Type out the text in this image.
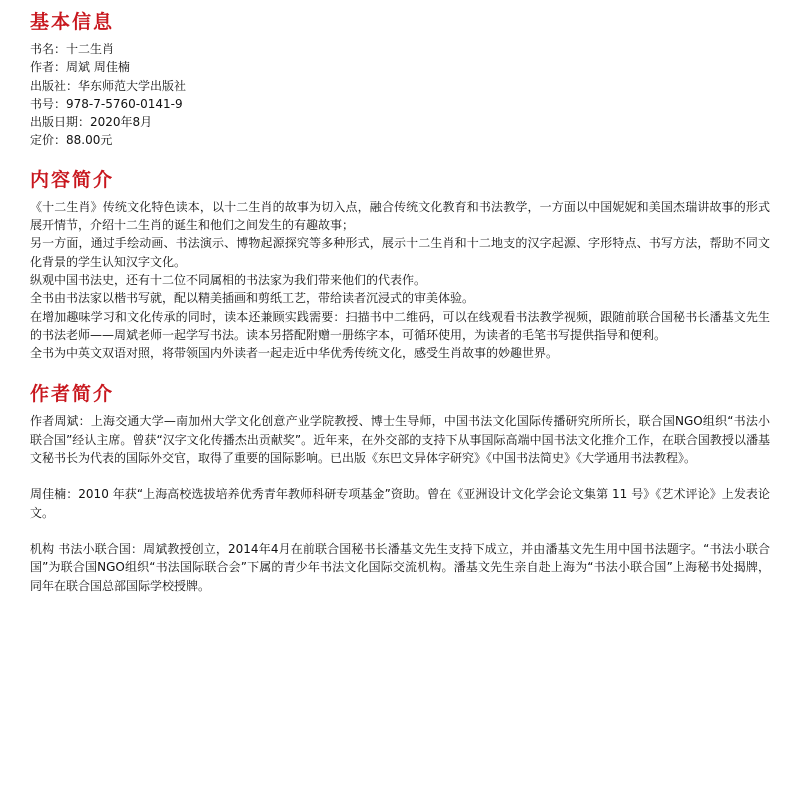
基本信息
书名：十二生肖
作者：周斌 周佳楠
出版社：华东师范大学出版社
书号：978-7-5760-0141-9
出版日期：2020年8月
定价：88.00元
内容简介

《十二生肖》传统文化特色读本，以十二生肖的故事为切入点，融合传统文化教育和书法教学，一方面以中国妮妮和美国杰瑞讲故事的形式展开情节，介绍十二生肖的诞生和他们之间发生的有趣故事；

另一方面，通过手绘动画、书法演示、博物起源探究等多种形式，展示十二生肖和十二地支的汉字起源、字形特点、书写方法，帮助不同文化背景的学生认知汉字文化。

纵观中国书法史，还有十二位不同属相的书法家为我们带来他们的代表作。

全书由书法家以楷书写就，配以精美插画和剪纸工艺，带给读者沉浸式的审美体验。

在增加趣味学习和文化传承的同时，读本还兼顾实践需要：扫描书中二维码，可以在线观看书法教学视频，跟随前联合国秘书长潘基文先生的书法老师——周斌老师一起学写书法。读本另搭配附赠一册练字本，可循环使用，为读者的毛笔书写提供指导和便利。

全书为中英文双语对照，将带领国内外读者一起走近中华优秀传统文化，感受生肖故事的妙趣世界。

作者简介

作者周斌：上海交通大学—南加州大学文化创意产业学院教授、博士生导师，中国书法文化国际传播研究所所长，联合国NGO组织“书法小联合国”经认主席。曾获“汉字文化传播杰出贡献奖”。近年来，在外交部的支持下从事国际高端中国书法文化推介工作，在联合国教授以潘基文秘书长为代表的国际外交官，取得了重要的国际影响。已出版《东巴文异体字研究》《中国书法简史》《大学通用书法教程》。

周佳楠：2010 年获“上海高校选拔培养优秀青年教师科研专项基金”资助。曾在《亚洲设计文化学会论文集第 11 号》《艺术评论》上发表论文。

机构 书法小联合国：周斌教授创立，2014年4月在前联合国秘书长潘基文先生支持下成立，并由潘基文先生用中国书法题字。“书法小联合国”为联合国NGO组织“书法国际联合会”下属的青少年书法文化国际交流机构。潘基文先生亲自赴上海为“书法小联合国”上海秘书处揭牌，同年在联合国总部国际学校授牌。
